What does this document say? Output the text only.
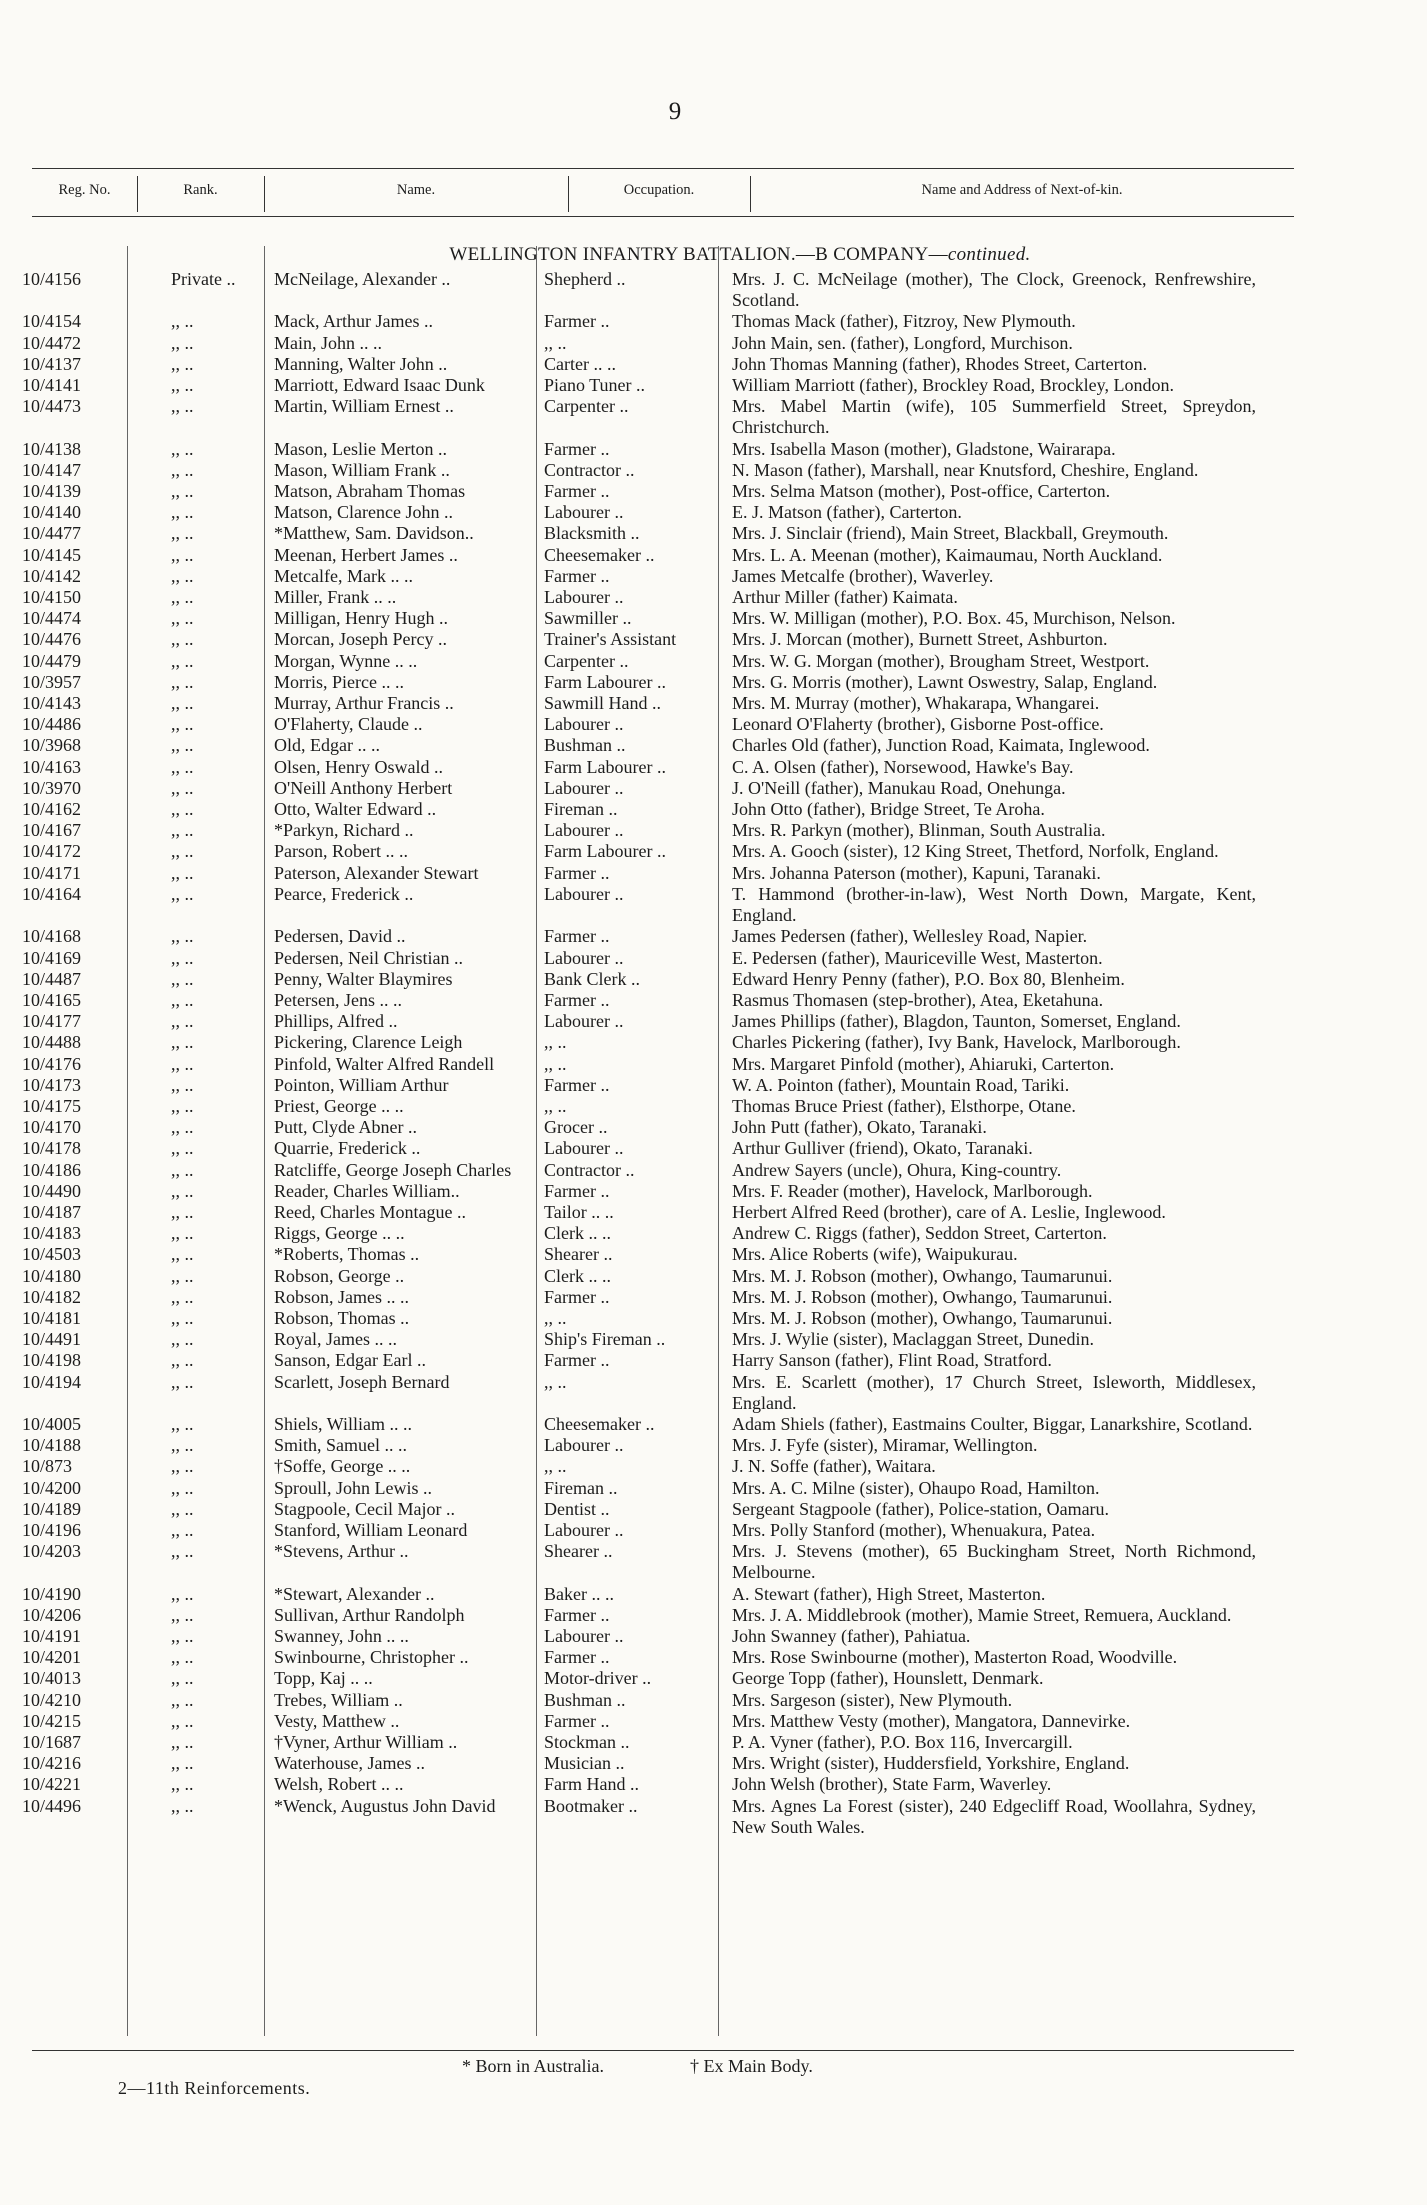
9
Reg. No.	Rank.	Name.	Occupation.	Name and Address of Next-of-kin.
WELLINGTON INFANTRY BATTALION.—B COMPANY—continued.
10/4156	Private ..	McNeilage, Alexander ..	Shepherd ..	Mrs. J. C. McNeilage (mother), The Clock, Greenock, Renfrewshire, Scotland.
10/4154	,, ..	Mack, Arthur James ..	Farmer ..	Thomas Mack (father), Fitzroy, New Plymouth.
10/4472	,, ..	Main, John .. ..	,, ..	John Main, sen. (father), Longford, Murchison.
10/4137	,, ..	Manning, Walter John ..	Carter .. ..	John Thomas Manning (father), Rhodes Street, Carterton.
10/4141	,, ..	Marriott, Edward Isaac Dunk	Piano Tuner ..	William Marriott (father), Brockley Road, Brockley, London.
10/4473	,, ..	Martin, William Ernest ..	Carpenter ..	Mrs. Mabel Martin (wife), 105 Summerfield Street, Spreydon, Christchurch.
10/4138	,, ..	Mason, Leslie Merton ..	Farmer ..	Mrs. Isabella Mason (mother), Gladstone, Wairarapa.
10/4147	,, ..	Mason, William Frank ..	Contractor ..	N. Mason (father), Marshall, near Knutsford, Cheshire, England.
10/4139	,, ..	Matson, Abraham Thomas	Farmer ..	Mrs. Selma Matson (mother), Post-office, Carterton.
10/4140	,, ..	Matson, Clarence John ..	Labourer ..	E. J. Matson (father), Carterton.
10/4477	,, ..	*Matthew, Sam. Davidson..	Blacksmith ..	Mrs. J. Sinclair (friend), Main Street, Blackball, Greymouth.
10/4145	,, ..	Meenan, Herbert James ..	Cheesemaker ..	Mrs. L. A. Meenan (mother), Kaimaumau, North Auckland.
10/4142	,, ..	Metcalfe, Mark .. ..	Farmer ..	James Metcalfe (brother), Waverley.
10/4150	,, ..	Miller, Frank .. ..	Labourer ..	Arthur Miller (father) Kaimata.
10/4474	,, ..	Milligan, Henry Hugh ..	Sawmiller ..	Mrs. W. Milligan (mother), P.O. Box. 45, Murchison, Nelson.
10/4476	,, ..	Morcan, Joseph Percy ..	Trainer's Assistant	Mrs. J. Morcan (mother), Burnett Street, Ashburton.
10/4479	,, ..	Morgan, Wynne .. ..	Carpenter ..	Mrs. W. G. Morgan (mother), Brougham Street, Westport.
10/3957	,, ..	Morris, Pierce .. ..	Farm Labourer ..	Mrs. G. Morris (mother), Lawnt Oswestry, Salap, England.
10/4143	,, ..	Murray, Arthur Francis ..	Sawmill Hand ..	Mrs. M. Murray (mother), Whakarapa, Whangarei.
10/4486	,, ..	O'Flaherty, Claude ..	Labourer ..	Leonard O'Flaherty (brother), Gisborne Post-office.
10/3968	,, ..	Old, Edgar .. ..	Bushman ..	Charles Old (father), Junction Road, Kaimata, Inglewood.
10/4163	,, ..	Olsen, Henry Oswald ..	Farm Labourer ..	C. A. Olsen (father), Norsewood, Hawke's Bay.
10/3970	,, ..	O'Neill Anthony Herbert	Labourer ..	J. O'Neill (father), Manukau Road, Onehunga.
10/4162	,, ..	Otto, Walter Edward ..	Fireman ..	John Otto (father), Bridge Street, Te Aroha.
10/4167	,, ..	*Parkyn, Richard ..	Labourer ..	Mrs. R. Parkyn (mother), Blinman, South Australia.
10/4172	,, ..	Parson, Robert .. ..	Farm Labourer ..	Mrs. A. Gooch (sister), 12 King Street, Thetford, Norfolk, England.
10/4171	,, ..	Paterson, Alexander Stewart	Farmer ..	Mrs. Johanna Paterson (mother), Kapuni, Taranaki.
10/4164	,, ..	Pearce, Frederick ..	Labourer ..	T. Hammond (brother-in-law), West North Down, Margate, Kent, England.
10/4168	,, ..	Pedersen, David ..	Farmer ..	James Pedersen (father), Wellesley Road, Napier.
10/4169	,, ..	Pedersen, Neil Christian ..	Labourer ..	E. Pedersen (father), Mauriceville West, Masterton.
10/4487	,, ..	Penny, Walter Blaymires	Bank Clerk ..	Edward Henry Penny (father), P.O. Box 80, Blenheim.
10/4165	,, ..	Petersen, Jens .. ..	Farmer ..	Rasmus Thomasen (step-brother), Atea, Eketahuna.
10/4177	,, ..	Phillips, Alfred ..	Labourer ..	James Phillips (father), Blagdon, Taunton, Somerset, England.
10/4488	,, ..	Pickering, Clarence Leigh	,, ..	Charles Pickering (father), Ivy Bank, Havelock, Marlborough.
10/4176	,, ..	Pinfold, Walter Alfred Randell	,, ..	Mrs. Margaret Pinfold (mother), Ahiaruki, Carterton.
10/4173	,, ..	Pointon, William Arthur	Farmer ..	W. A. Pointon (father), Mountain Road, Tariki.
10/4175	,, ..	Priest, George .. ..	,, ..	Thomas Bruce Priest (father), Elsthorpe, Otane.
10/4170	,, ..	Putt, Clyde Abner ..	Grocer ..	John Putt (father), Okato, Taranaki.
10/4178	,, ..	Quarrie, Frederick ..	Labourer ..	Arthur Gulliver (friend), Okato, Taranaki.
10/4186	,, ..	Ratcliffe, George Joseph Charles	Contractor ..	Andrew Sayers (uncle), Ohura, King-country.
10/4490	,, ..	Reader, Charles William..	Farmer ..	Mrs. F. Reader (mother), Havelock, Marlborough.
10/4187	,, ..	Reed, Charles Montague ..	Tailor .. ..	Herbert Alfred Reed (brother), care of A. Leslie, Inglewood.
10/4183	,, ..	Riggs, George .. ..	Clerk .. ..	Andrew C. Riggs (father), Seddon Street, Carterton.
10/4503	,, ..	*Roberts, Thomas ..	Shearer ..	Mrs. Alice Roberts (wife), Waipukurau.
10/4180	,, ..	Robson, George ..	Clerk .. ..	Mrs. M. J. Robson (mother), Owhango, Taumarunui.
10/4182	,, ..	Robson, James .. ..	Farmer ..	Mrs. M. J. Robson (mother), Owhango, Taumarunui.
10/4181	,, ..	Robson, Thomas ..	,, ..	Mrs. M. J. Robson (mother), Owhango, Taumarunui.
10/4491	,, ..	Royal, James .. ..	Ship's Fireman ..	Mrs. J. Wylie (sister), Maclaggan Street, Dunedin.
10/4198	,, ..	Sanson, Edgar Earl ..	Farmer ..	Harry Sanson (father), Flint Road, Stratford.
10/4194	,, ..	Scarlett, Joseph Bernard	,, ..	Mrs. E. Scarlett (mother), 17 Church Street, Isleworth, Middlesex, England.
10/4005	,, ..	Shiels, William .. ..	Cheesemaker ..	Adam Shiels (father), Eastmains Coulter, Biggar, Lanarkshire, Scotland.
10/4188	,, ..	Smith, Samuel .. ..	Labourer ..	Mrs. J. Fyfe (sister), Miramar, Wellington.
10/873	,, ..	†Soffe, George .. ..	,, ..	J. N. Soffe (father), Waitara.
10/4200	,, ..	Sproull, John Lewis ..	Fireman ..	Mrs. A. C. Milne (sister), Ohaupo Road, Hamilton.
10/4189	,, ..	Stagpoole, Cecil Major ..	Dentist ..	Sergeant Stagpoole (father), Police-station, Oamaru.
10/4196	,, ..	Stanford, William Leonard	Labourer ..	Mrs. Polly Stanford (mother), Whenuakura, Patea.
10/4203	,, ..	*Stevens, Arthur ..	Shearer ..	Mrs. J. Stevens (mother), 65 Buckingham Street, North Richmond, Melbourne.
10/4190	,, ..	*Stewart, Alexander ..	Baker .. ..	A. Stewart (father), High Street, Masterton.
10/4206	,, ..	Sullivan, Arthur Randolph	Farmer ..	Mrs. J. A. Middlebrook (mother), Mamie Street, Remuera, Auckland.
10/4191	,, ..	Swanney, John .. ..	Labourer ..	John Swanney (father), Pahiatua.
10/4201	,, ..	Swinbourne, Christopher ..	Farmer ..	Mrs. Rose Swinbourne (mother), Masterton Road, Woodville.
10/4013	,, ..	Topp, Kaj .. ..	Motor-driver ..	George Topp (father), Hounslett, Denmark.
10/4210	,, ..	Trebes, William ..	Bushman ..	Mrs. Sargeson (sister), New Plymouth.
10/4215	,, ..	Vesty, Matthew ..	Farmer ..	Mrs. Matthew Vesty (mother), Mangatora, Dannevirke.
10/1687	,, ..	†Vyner, Arthur William ..	Stockman ..	P. A. Vyner (father), P.O. Box 116, Invercargill.
10/4216	,, ..	Waterhouse, James ..	Musician ..	Mrs. Wright (sister), Huddersfield, Yorkshire, England.
10/4221	,, ..	Welsh, Robert .. ..	Farm Hand ..	John Welsh (brother), State Farm, Waverley.
10/4496	,, ..	*Wenck, Augustus John David	Bootmaker ..	Mrs. Agnes La Forest (sister), 240 Edgecliff Road, Woollahra, Sydney, New South Wales.
* Born in Australia.	† Ex Main Body.
2—11th Reinforcements.
